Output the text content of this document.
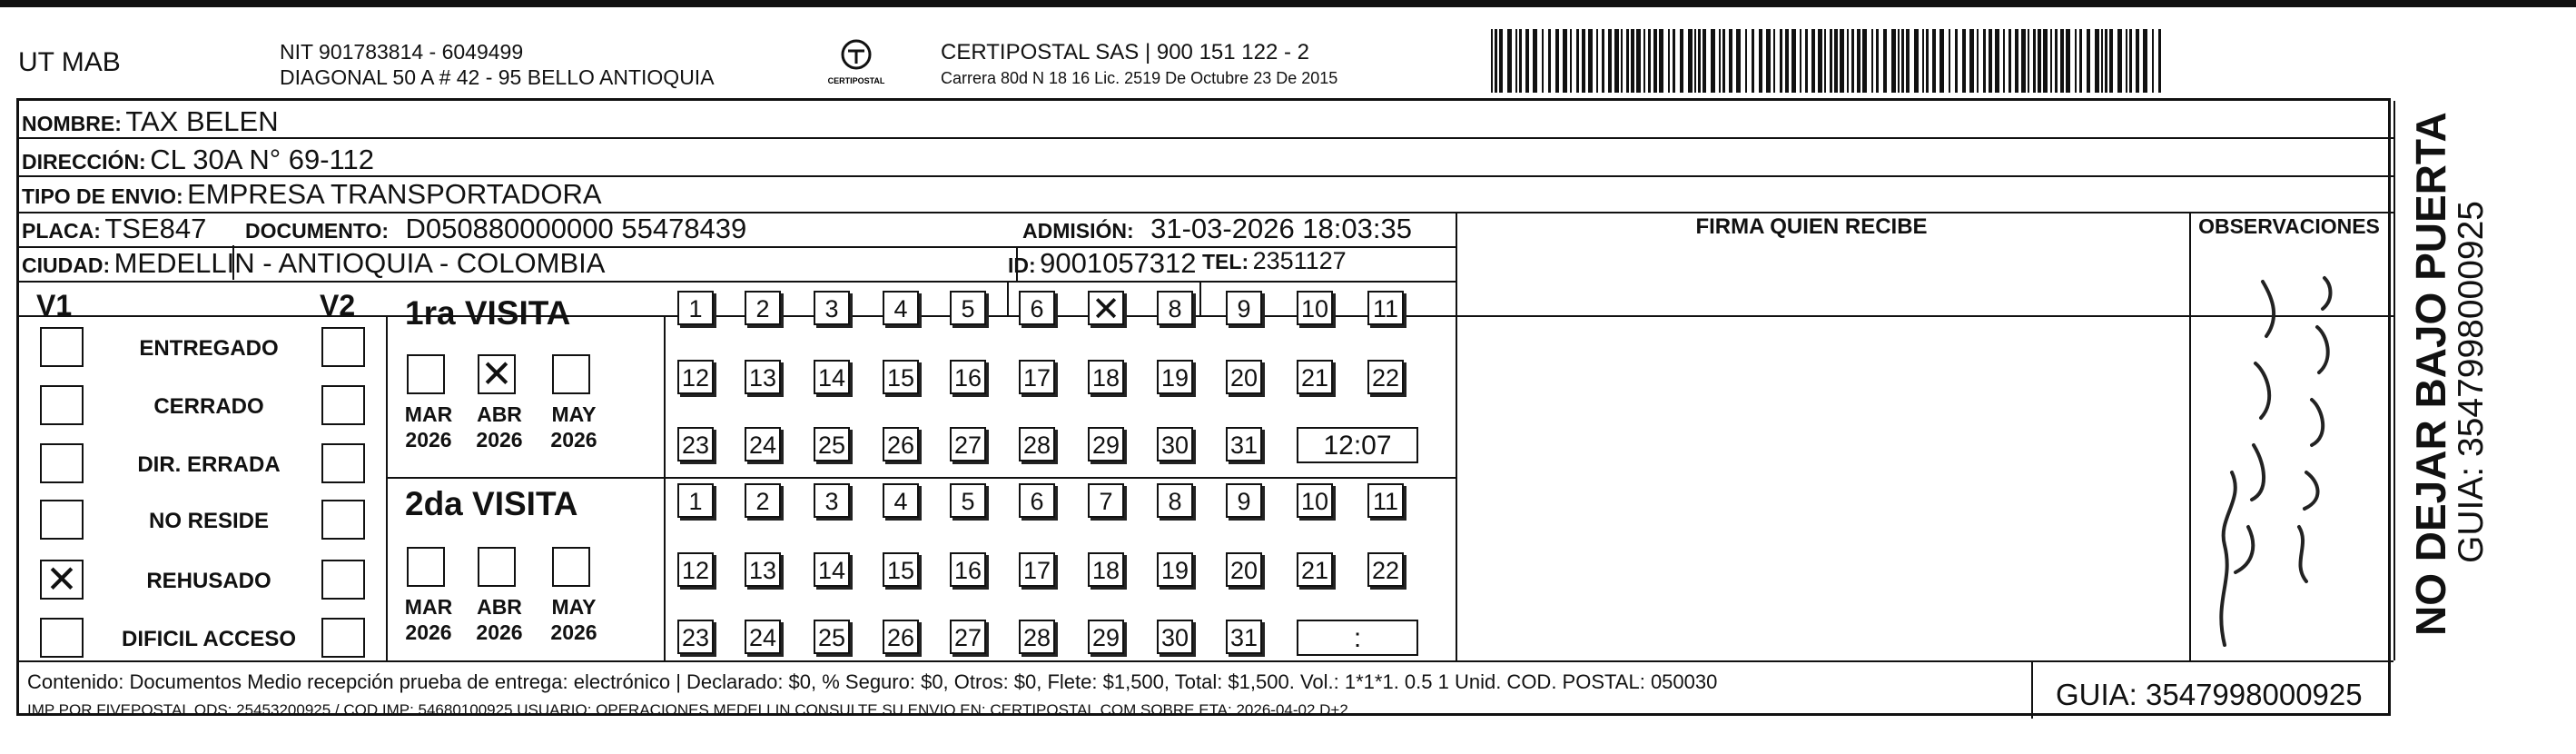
UT MAB	NIT 901783814 - 6049499
DIAGONAL 50 A # 42 - 95 BELLO ANTIOQUIA	CERTIPOSTAL
CERTIPOSTAL SAS | 900 151 122 - 2
Carrera 80d N 18 16 Lic. 2519 De Octubre 23 De 2015
NOMBRE: TAX BELEN
DIRECCIÓN: CL 30A N° 69-112
TIPO DE ENVIO: EMPRESA TRANSPORTADORA
PLACA: TSE847 DOCUMENTO: D050880000000 55478439	ADMISIÓN: 31-03-2026 18:03:35
CIUDAD: MEDELLIN - ANTIOQUIA - COLOMBIA	ID: 9001057312 TEL: 2351127
FIRMA QUIEN RECIBE	OBSERVACIONES
V1	V2
ENTREGADO
CERRADO
DIR. ERRADA
NO RESIDE
✕	REHUSADO
DIFICIL ACCESO
1ra VISITA
2da VISITA
1	2	3	4	5	6	✕	8	9	10 11
12 13 14 15 16 17 18 19 20 21 22
23 24 25 26 27 28 29 30 31	12:07
MAR
2026
✕
ABR
2026
MAY
2026
1	2	3	4	5	6	7	8	9	10 11
12 13 14 15 16 17 18 19 20 21 22
23 24 25 26 27 28 29 30 31	:
MAR
2026
ABR
2026
MAY
2026
Contenido: Documentos Medio recepción prueba de entrega: electrónico | Declarado: $0, % Seguro: $0, Otros: $0, Flete: $1,500, Total: $1,500. Vol.: 1*1*1. 0.5 1 Unid. COD. POSTAL: 050030
IMP POR FIVEPOSTAL ODS: 25453200925 / COD.IMP: 54680100925 USUARIO: OPERACIONES MEDELLIN CONSULTE SU ENVIO EN: CERTIPOSTAL.COM SOBRE ETA: 2026-04-02 D+2	GUIA: 3547998000925
NO DEJAR BAJO PUERTA
GUIA: 3547998000925
